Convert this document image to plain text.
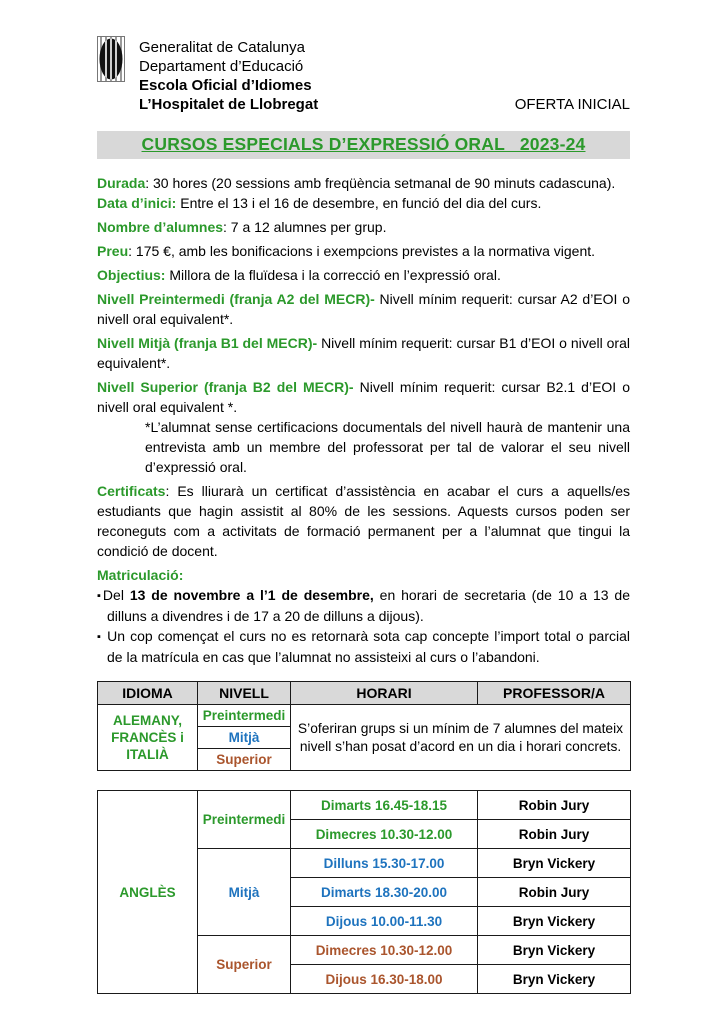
Generalitat de Catalunya
Departament d’Educació
Escola Oficial d’Idiomes
L’Hospitalet de Llobregat	OFERTA INICIAL
CURSOS ESPECIALS D’EXPRESSIÓ ORAL   2023-24

Durada: 30 hores (20 sessions amb freqüència setmanal de 90 minuts cadascuna).

Data d’inici: Entre el 13 i el 16 de desembre, en funció del dia del curs.

Nombre d’alumnes: 7 a 12 alumnes per grup.

Preu: 175 €, amb les bonificacions i exempcions previstes a la normativa vigent.

Objectius: Millora de la fluïdesa i la correcció en l’expressió oral.

Nivell Preintermedi (franja A2 del MECR)- Nivell mínim requerit: cursar A2 d’EOI o nivell oral equivalent*.

Nivell Mitjà (franja B1 del MECR)- Nivell mínim requerit: cursar B1 d’EOI o nivell oral equivalent*.

Nivell Superior (franja B2 del MECR)- Nivell mínim requerit: cursar B2.1 d’EOI o nivell oral equivalent *.

*L’alumnat sense certificacions documentals del nivell haurà de mantenir una entrevista amb un membre del professorat per tal de valorar el seu nivell d’expressió oral.

Certificats: Es lliurarà un certificat d’assistència en acabar el curs a aquells/es estudiants que hagin assistit al 80% de les sessions. Aquests cursos poden ser reconeguts com a activitats de formació permanent per a l’alumnat que tingui la condició de docent.

Matriculació:

▪Del 13 de novembre a l’1 de desembre, en horari de secretaria (de 10 a 13 de dilluns a divendres i de 17 a 20 de dilluns a dijous).

▪ Un cop començat el curs no es retornarà sota cap concepte l’import total o parcial de la matrícula en cas que l’alumnat no assisteixi al curs o l’abandoni.

IDIOMA	NIVELL	HORARI	PROFESSOR/A
ALEMANY, FRANCÈS i ITALIÀ	Preintermedi	S’oferiran grups si un mínim de 7 alumnes del mateix nivell s’han posat d’acord en un dia i horari concrets.	
	Mitjà		
	Superior		
ANGLÈS	Preintermedi	Dimarts 16.45-18.15	Robin Jury
		Dimecres 10.30-12.00	Robin Jury
	Mitjà	Dilluns 15.30-17.00	Bryn Vickery
		Dimarts 18.30-20.00	Robin Jury
		Dijous 10.00-11.30	Bryn Vickery
	Superior	Dimecres 10.30-12.00	Bryn Vickery
		Dijous 16.30-18.00	Bryn Vickery
